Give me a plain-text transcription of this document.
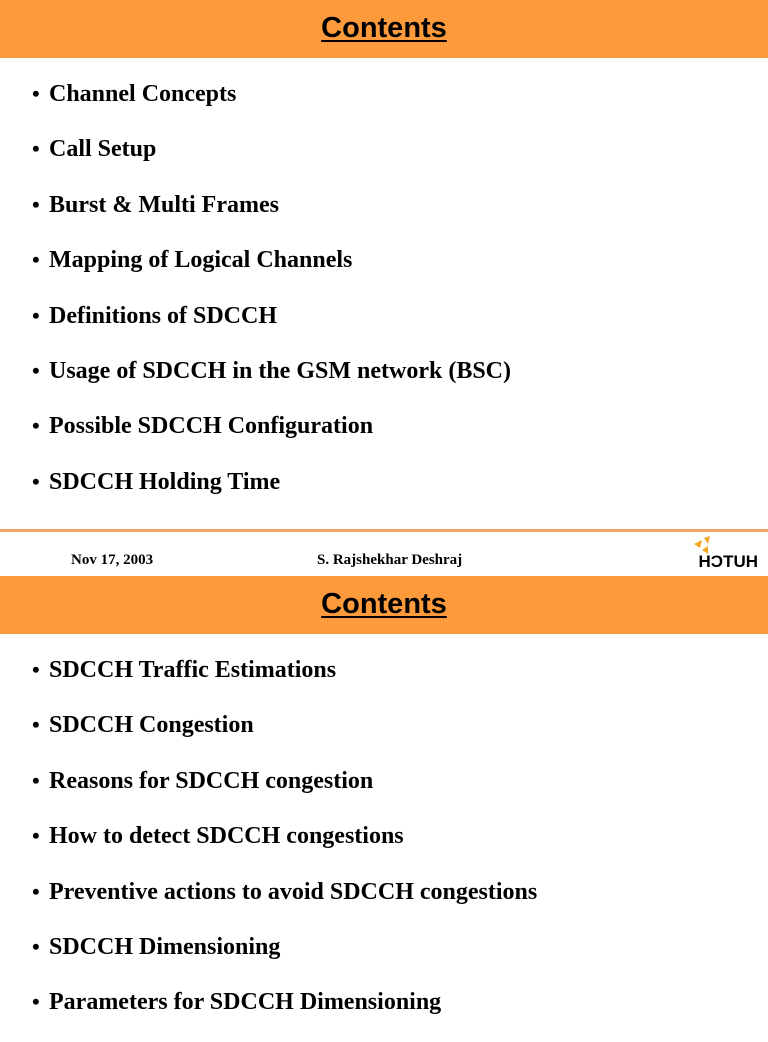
Contents
• Channel Concepts
• Call Setup
• Burst & Multi Frames
• Mapping of Logical Channels
• Definitions of SDCCH
• Usage of SDCCH in the GSM network (BSC)
• Possible SDCCH Configuration
• SDCCH Holding Time
Nov 17, 2003	S. Rajshekhar Deshraj	HUTCH
Contents
• SDCCH Traffic Estimations
• SDCCH Congestion
• Reasons for SDCCH congestion
• How to detect SDCCH congestions
• Preventive actions to avoid SDCCH congestions
• SDCCH Dimensioning
• Parameters for SDCCH Dimensioning
